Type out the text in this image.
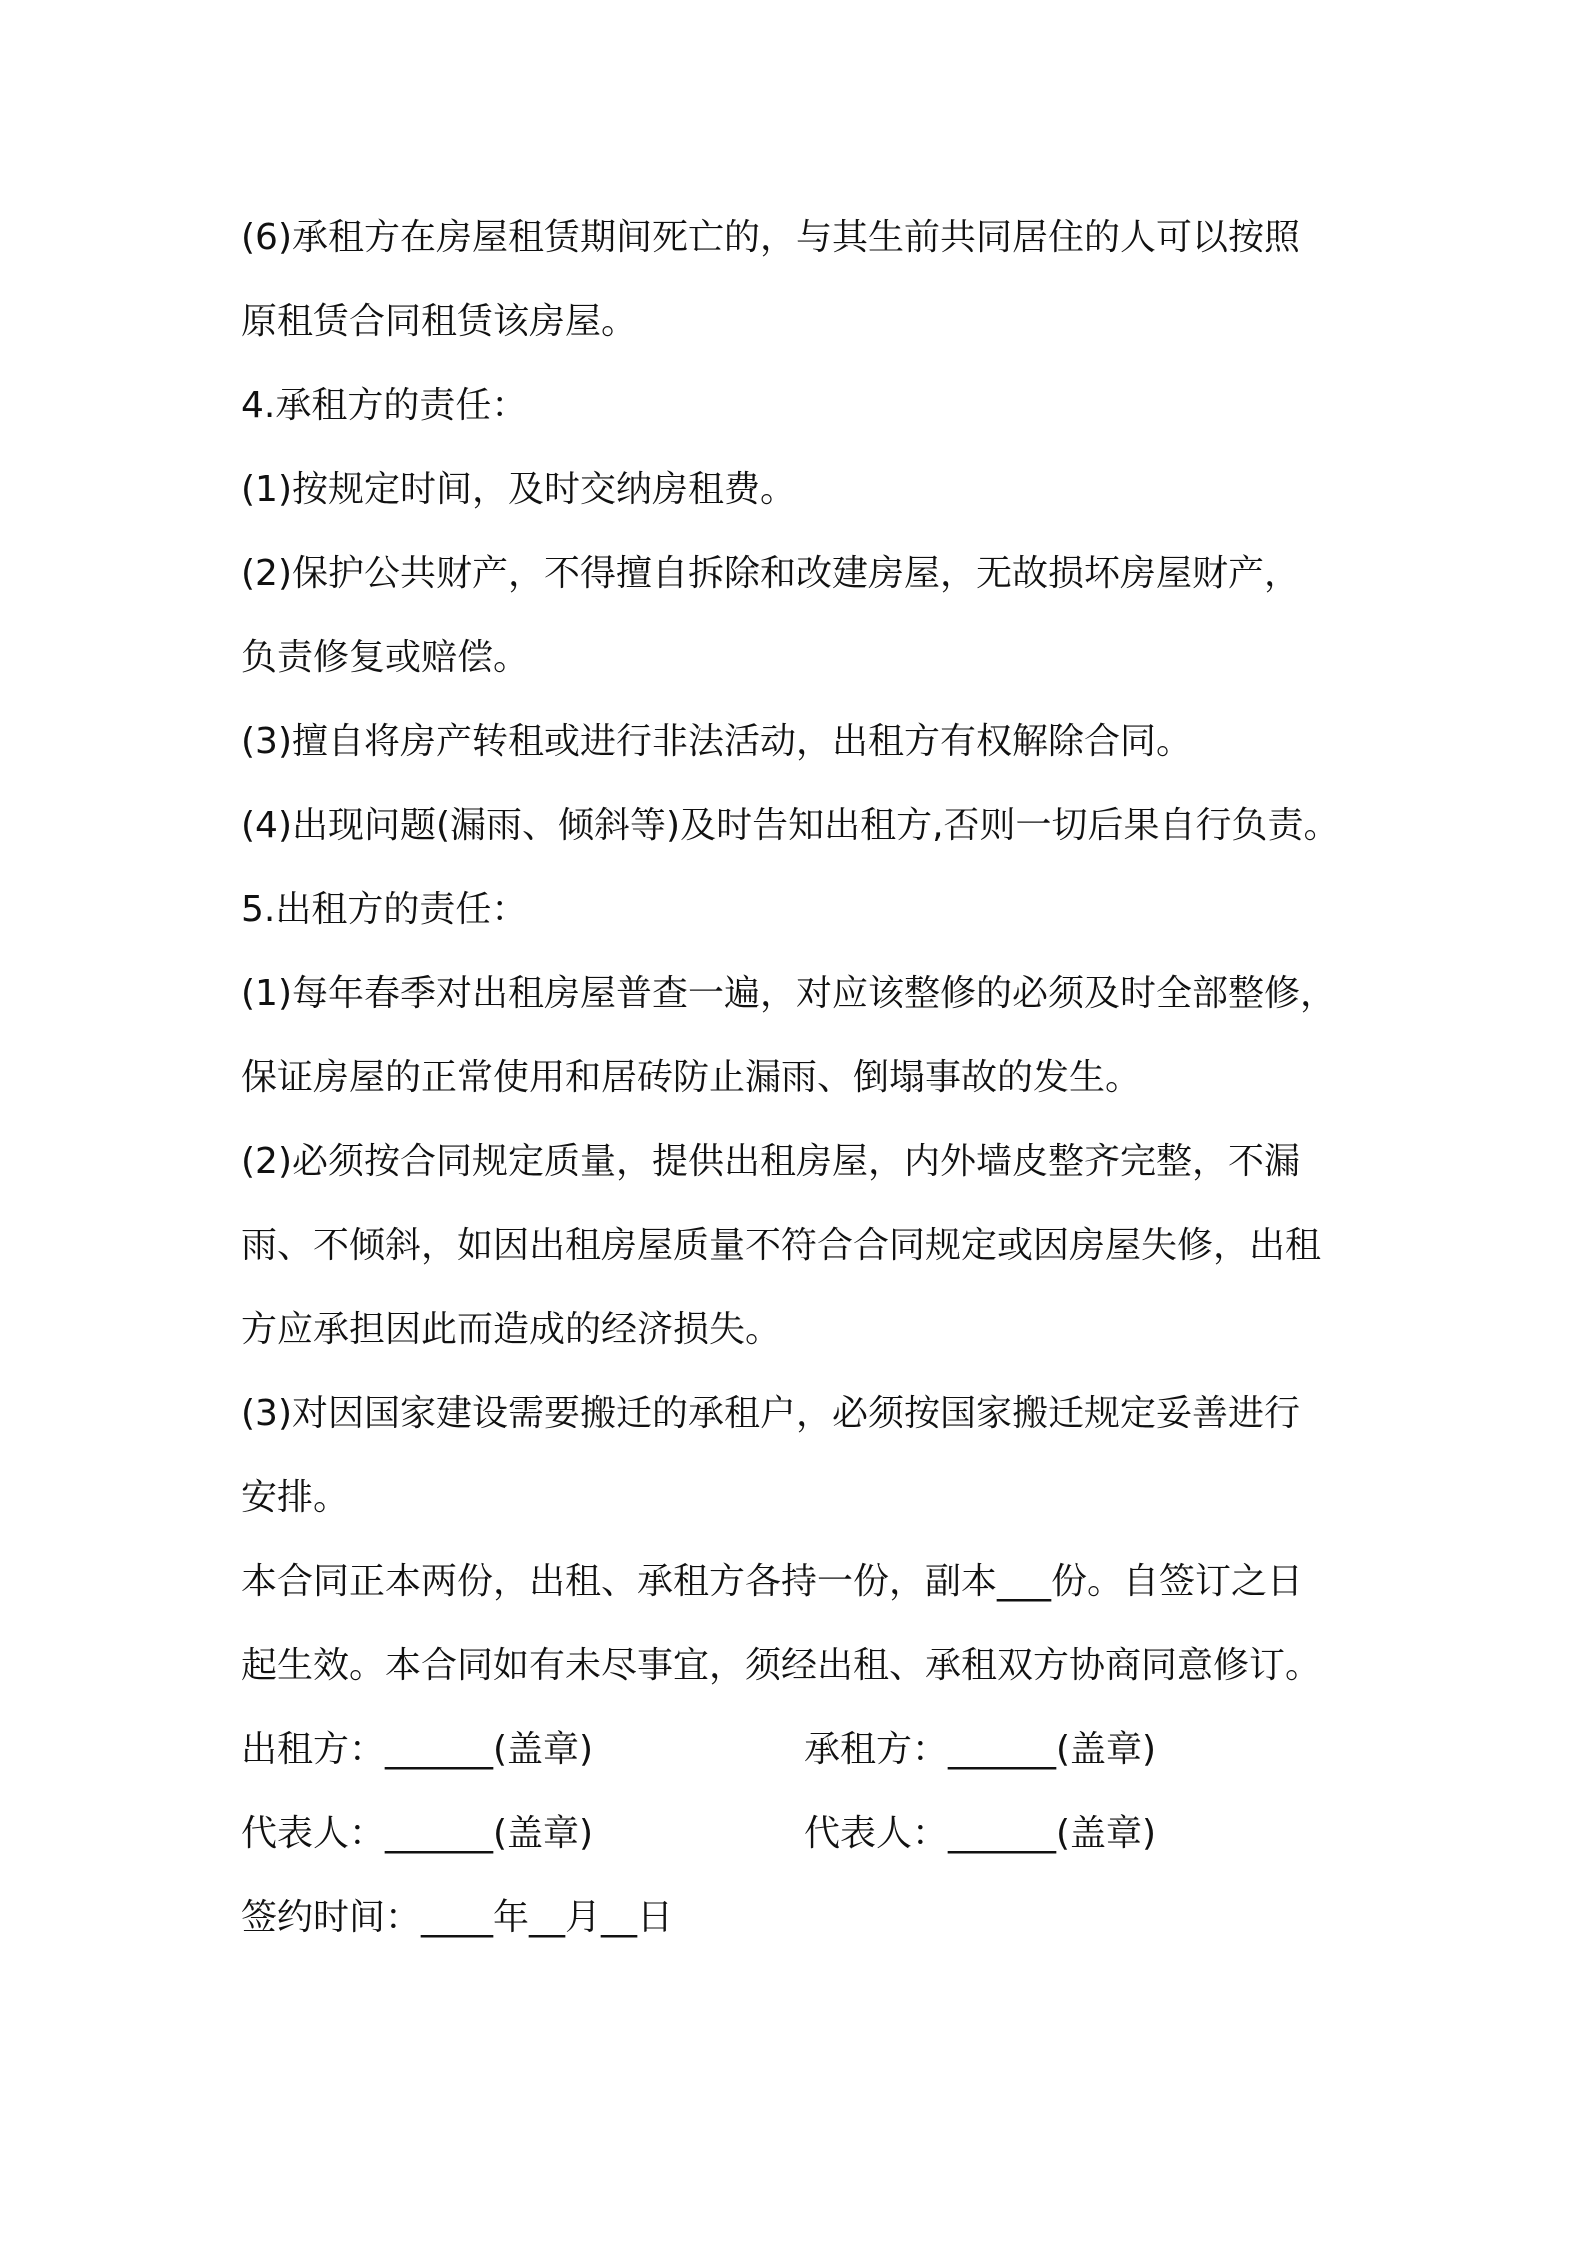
(6)承租方在房屋租赁期间死亡的，与其生前共同居住的人可以按照
原租赁合同租赁该房屋。
4.承租方的责任：
(1)按规定时间，及时交纳房租费。
(2)保护公共财产，不得擅自拆除和改建房屋，无故损坏房屋财产，
负责修复或赔偿。
(3)擅自将房产转租或进行非法活动，出租方有权解除合同。
(4)出现问题(漏雨、倾斜等)及时告知出租方,否则一切后果自行负责。
5.出租方的责任：
(1)每年春季对出租房屋普查一遍，对应该整修的必须及时全部整修，
保证房屋的正常使用和居砖防止漏雨、倒塌事故的发生。
(2)必须按合同规定质量，提供出租房屋，内外墙皮整齐完整，不漏
雨、不倾斜，如因出租房屋质量不符合合同规定或因房屋失修，出租
方应承担因此而造成的经济损失。
(3)对因国家建设需要搬迁的承租户，必须按国家搬迁规定妥善进行
安排。
本合同正本两份，出租、承租方各持一份，副本___份。自签订之日
起生效。本合同如有未尽事宜，须经出租、承租双方协商同意修订。
出租方：______(盖章)	承租方：______(盖章)
代表人：______(盖章)	代表人：______(盖章)
签约时间：____年__月__日
